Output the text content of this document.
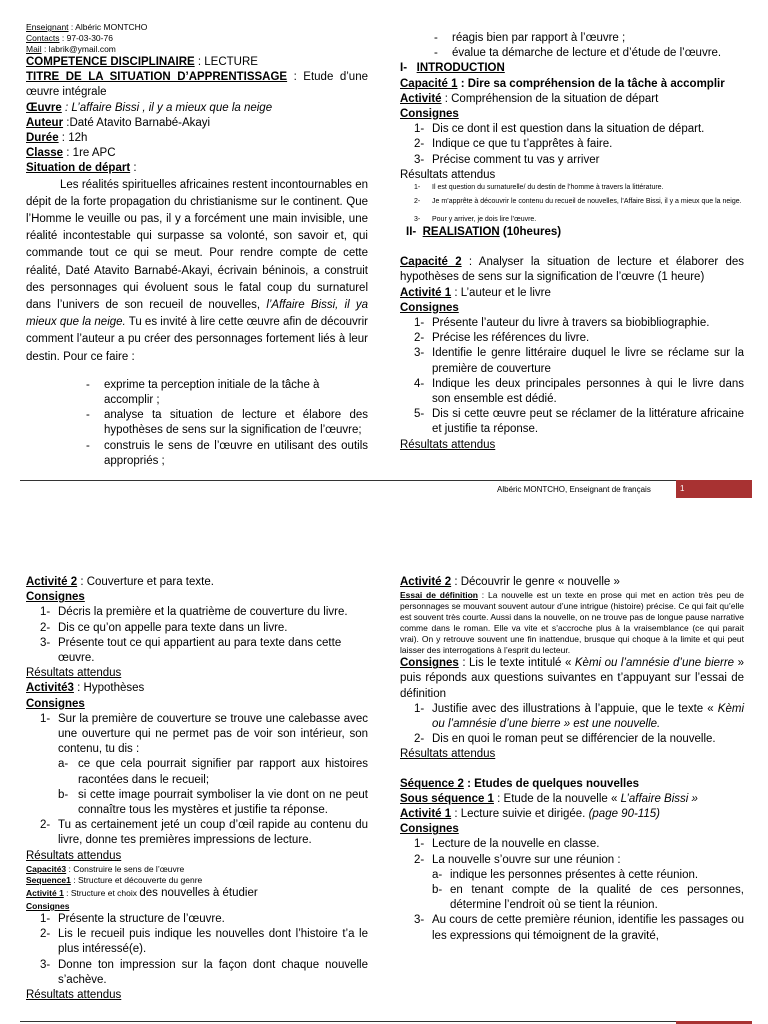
Enseignant : Albéric MONTCHO

Contacts : 97-03-30-76

Mail : labrik@ymail.com

COMPETENCE DISCIPLINAIRE : LECTURE

TITRE DE LA SITUATION D’APPRENTISSAGE : Etude d’une œuvre intégrale

Œuvre : L’affaire Bissi , il y a mieux que la neige

Auteur :Daté Atavito Barnabé-Akayi

Durée : 12h

Classe : 1re APC

Situation de départ :

Les réalités spirituelles africaines restent incontournables en dépit de la forte propagation du christianisme sur le continent. Que l’Homme le veuille ou pas, il y a forcément une main invisible, une réalité incontestable qui surpasse sa volonté, son savoir et, qui commande tout ce qui se meut. Pour rendre compte de cette réalité, Daté Atavito Barnabé-Akayi, écrivain béninois, a construit des personnages qui évoluent sous le fatal coup du surnaturel dans l’univers de son recueil de nouvelles, l’Affaire Bissi, il ya mieux que la neige. Tu es invité à lire cette œuvre afin de découvrir comment l’auteur a pu créer des personnages fortement liés à leur destin. Pour ce faire :

- exprime ta perception initiale de la tâche à accomplir ;
- analyse ta situation de lecture et élabore des hypothèses de sens sur la signification de l’œuvre;
- construis le sens de l’œuvre en utilisant des outils appropriés ;
- réagis bien par rapport à l’œuvre ;
- évalue ta démarche de lecture et d’étude de l’œuvre.

I- INTRODUCTION

Capacité 1 : Dire sa compréhension de la tâche à accomplir

Activité : Compréhension de la situation de départ

Consignes

1- Dis ce dont il est question dans la situation de départ.
2- Indique ce que tu t’apprêtes à faire.
3- Précise comment tu vas y arriver

Résultats attendus

1- Il est question du surnaturelle/ du destin de l’homme à travers la littérature.
2- Je m’apprête à découvrir le contenu du recueil de nouvelles, l’Affaire Bissi, il y a mieux que la neige.
3- Pour y arriver, je dois lire l’œuvre.

II- REALISATION (10heures)

Capacité 2 : Analyser la situation de lecture et élaborer des hypothèses de sens sur la signification de l’œuvre (1 heure)

Activité 1 : L’auteur et le livre

Consignes

1- Présente l’auteur du livre à travers sa biobibliographie.
2- Précise les références du livre.
3- Identifie le genre littéraire duquel le livre se réclame sur la première de couverture
4- Indique les deux principales personnes à qui le livre dans son ensemble est dédié.
5- Dis si cette œuvre peut se réclamer de la littérature africaine et justifie ta réponse.

Résultats attendus

Albéric MONTCHO, Enseignant de français	1

Activité 2 : Couverture et para texte.

Consignes

1- Décris la première et la quatrième de couverture du livre.
2- Dis ce qu’on appelle para texte dans un livre.
3- Présente tout ce qui appartient au para texte dans cette œuvre.

Résultats attendus

Activité3 : Hypothèses

Consignes

1- Sur la première de couverture se trouve une calebasse avec une ouverture qui ne permet pas de voir son intérieur, son contenu, tu dis :
a- ce que cela pourrait signifier par rapport aux histoires racontées dans le recueil;
b- si cette image pourrait symboliser la vie dont on ne peut connaître tous les mystères et justifie ta réponse.
2- Tu as certainement jeté un coup d’œil rapide au contenu du livre, donne tes premières impressions de lecture.

Résultats attendus

Capacité3 : Construire le sens de l’œuvre

Sequence1 : Structure et découverte du genre

Activité 1 : Structure et choix des nouvelles à étudier

Consignes

1- Présente la structure de l’œuvre.
2- Lis le recueil puis indique les nouvelles dont l’histoire t’a le plus intéressé(e).
3- Donne ton impression sur la façon dont chaque nouvelle s’achève.

Résultats attendus

Activité 2 : Découvrir le genre « nouvelle »

Essai de définition : La nouvelle est un texte en prose qui met en action très peu de personnages se mouvant souvent autour d’une intrigue (histoire) précise. Ce qui fait qu’elle est souvent très courte. Aussi dans la nouvelle, on ne trouve pas de longue pause narrative comme dans le roman. Elle va vite et s’accroche plus à la vraisemblance (ce qui parait vrai). On y retrouve souvent une fin inattendue, brusque qui choque à la limite et qui peut laisser des interrogations à l’esprit du lecteur.

Consignes : Lis le texte intitulé « Kèmi ou l’amnésie d’une bierre » puis réponds aux questions suivantes en t’appuyant sur l’essai de définition

1- Justifie avec des illustrations à l’appuie, que le texte « Kèmi ou l’amnésie d’une bierre » est une nouvelle.
2- Dis en quoi le roman peut se différencier de la nouvelle.

Résultats attendus

Séquence 2 : Etudes de quelques nouvelles

Sous séquence 1 : Etude de la nouvelle « L’affaire Bissi »

Activité 1 : Lecture suivie et dirigée. (page 90-115)

Consignes

1- Lecture de la nouvelle en classe.
2- La nouvelle s’ouvre sur une réunion :
a- indique les personnes présentes à cette réunion.
b- en tenant compte de la qualité de ces personnes, détermine l’endroit où se tient la réunion.
3- Au cours de cette première réunion, identifie les passages ou les expressions qui témoignent de la gravité,
